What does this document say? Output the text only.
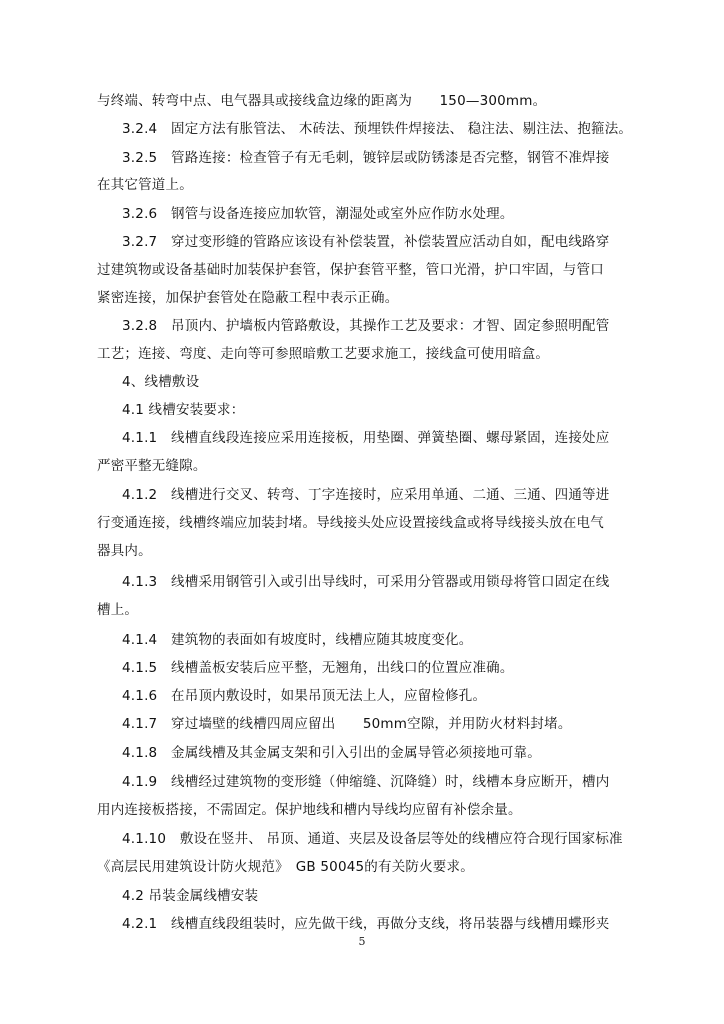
与终端、转弯中点、电气器具或接线盒边缘的距离为　　150—300mm。
3.2.4　固定方法有胀管法、 木砖法、预埋铁件焊接法、 稳注法、剔注法、抱箍法。
3.2.5　管路连接：检查管子有无毛刺，镀锌层或防锈漆是否完整，钢管不准焊接
在其它管道上。
3.2.6　钢管与设备连接应加软管，潮湿处或室外应作防水处理。
3.2.7　穿过变形缝的管路应该设有补偿装置，补偿装置应活动自如，配电线路穿
过建筑物或设备基础时加装保护套管，保护套管平整，管口光滑，护口牢固，与管口
紧密连接，加保护套管处在隐蔽工程中表示正确。
3.2.8　吊顶内、护墙板内管路敷设，其操作工艺及要求：才智、固定参照明配管
工艺；连接、弯度、走向等可参照暗敷工艺要求施工，接线盒可使用暗盒。
4、线槽敷设
4.1 线槽安装要求：
4.1.1　线槽直线段连接应采用连接板，用垫圈、弹簧垫圈、螺母紧固，连接处应
严密平整无缝隙。
4.1.2　线槽进行交叉、转弯、丁字连接时，应采用单通、二通、三通、四通等进
行变通连接，线槽终端应加装封堵。导线接头处应设置接线盒或将导线接头放在电气
器具内。
4.1.3　线槽采用钢管引入或引出导线时，可采用分管器或用锁母将管口固定在线
槽上。
4.1.4　建筑物的表面如有坡度时，线槽应随其坡度变化。
4.1.5　线槽盖板安装后应平整，无翘角，出线口的位置应准确。
4.1.6　在吊顶内敷设时，如果吊顶无法上人，应留检修孔。
4.1.7　穿过墙壁的线槽四周应留出　　50mm空隙，并用防火材料封堵。
4.1.8　金属线槽及其金属支架和引入引出的金属导管必须接地可靠。
4.1.9　线槽经过建筑物的变形缝（伸缩缝、沉降缝）时，线槽本身应断开，槽内
用内连接板搭接，不需固定。保护地线和槽内导线均应留有补偿余量。
4.1.10　敷设在竖井、 吊顶、通道、夹层及设备层等处的线槽应符合现行国家标准
《高层民用建筑设计防火规范》　GB 50045的有关防火要求。
4.2 吊装金属线槽安装
4.2.1　线槽直线段组装时，应先做干线，再做分支线，将吊装器与线槽用蝶形夹
5
